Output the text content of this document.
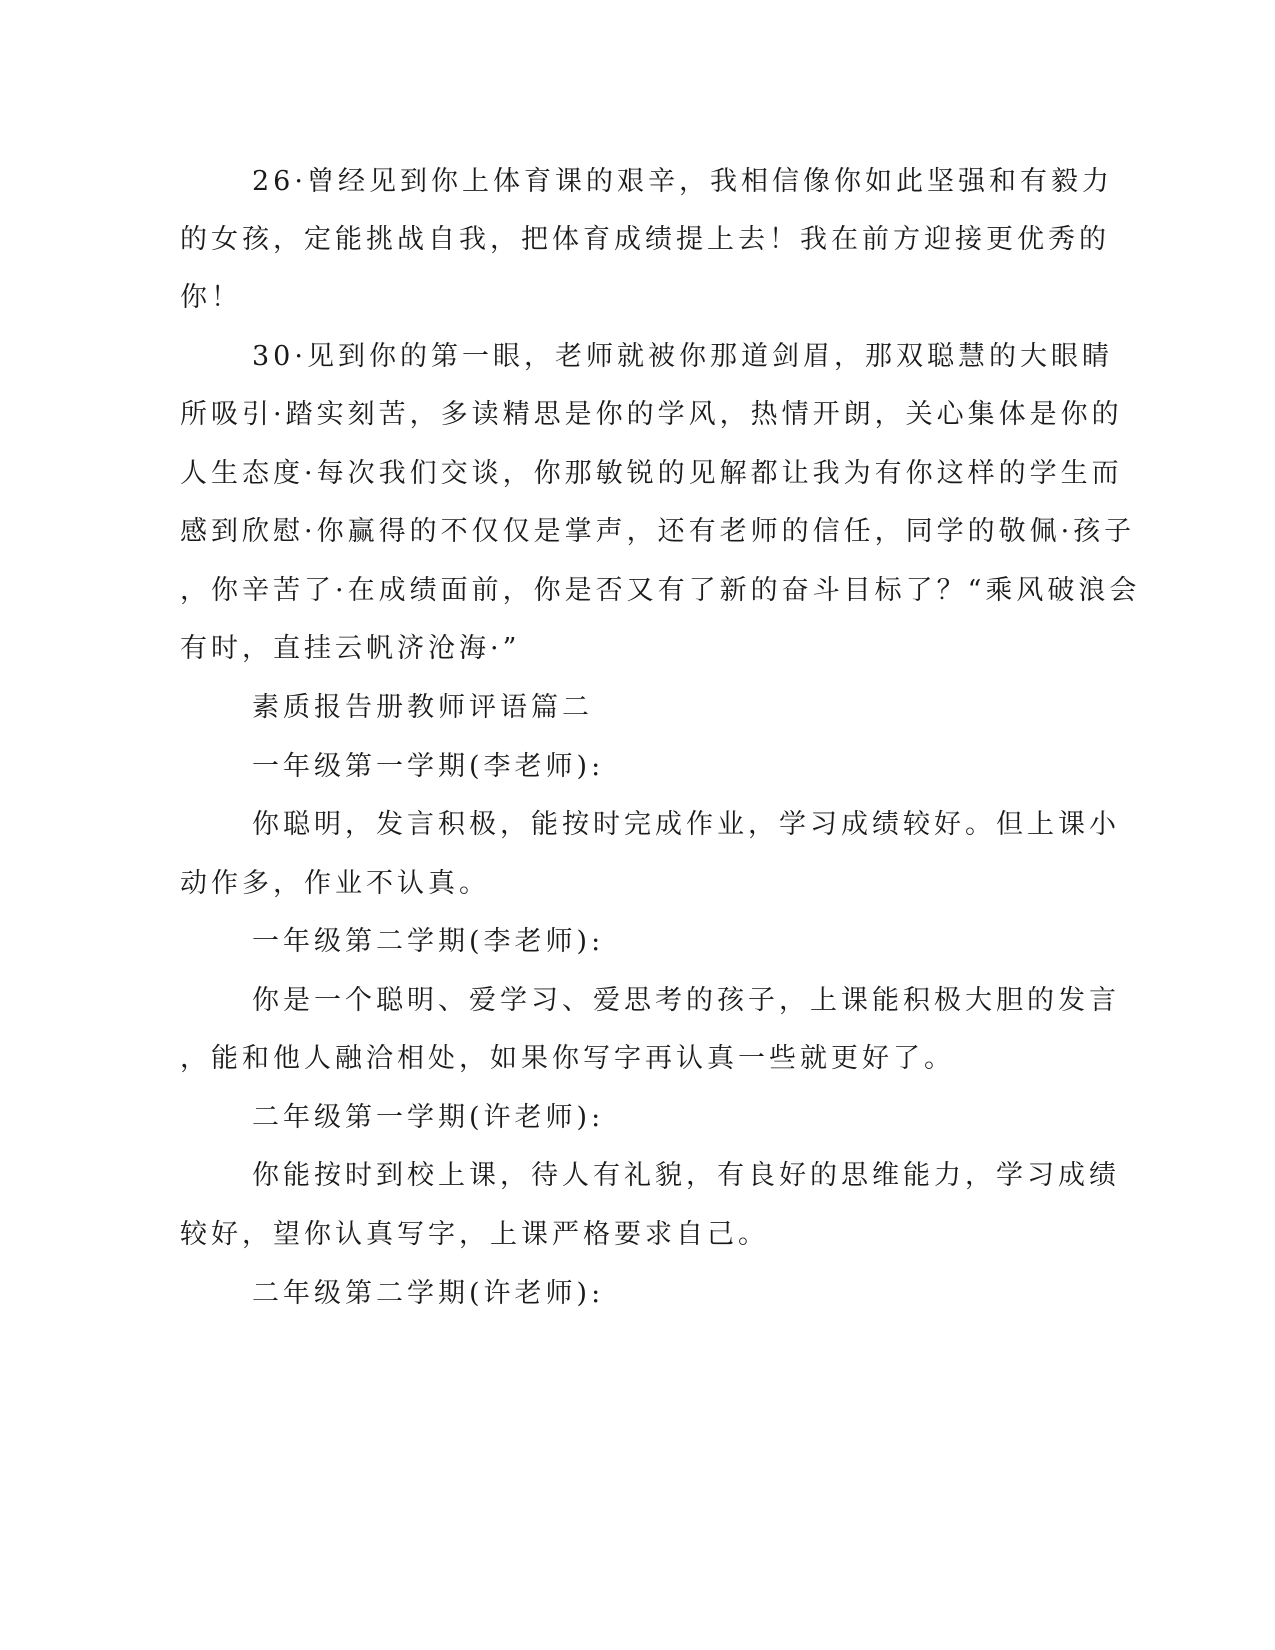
26·曾经见到你上体育课的艰辛，我相信像你如此坚强和有毅力
的女孩，定能挑战自我，把体育成绩提上去！我在前方迎接更优秀的
你！
30·见到你的第一眼，老师就被你那道剑眉，那双聪慧的大眼睛
所吸引·踏实刻苦，多读精思是你的学风，热情开朗，关心集体是你的
人生态度·每次我们交谈，你那敏锐的见解都让我为有你这样的学生而
感到欣慰·你赢得的不仅仅是掌声，还有老师的信任，同学的敬佩·孩子
，你辛苦了·在成绩面前，你是否又有了新的奋斗目标了？“乘风破浪会
有时，直挂云帆济沧海·”
素质报告册教师评语篇二
一年级第一学期(李老师):
你聪明，发言积极，能按时完成作业，学习成绩较好。但上课小
动作多，作业不认真。
一年级第二学期(李老师):
你是一个聪明、爱学习、爱思考的孩子，上课能积极大胆的发言
，能和他人融洽相处，如果你写字再认真一些就更好了。
二年级第一学期(许老师):
你能按时到校上课，待人有礼貌，有良好的思维能力，学习成绩
较好，望你认真写字，上课严格要求自己。
二年级第二学期(许老师):
